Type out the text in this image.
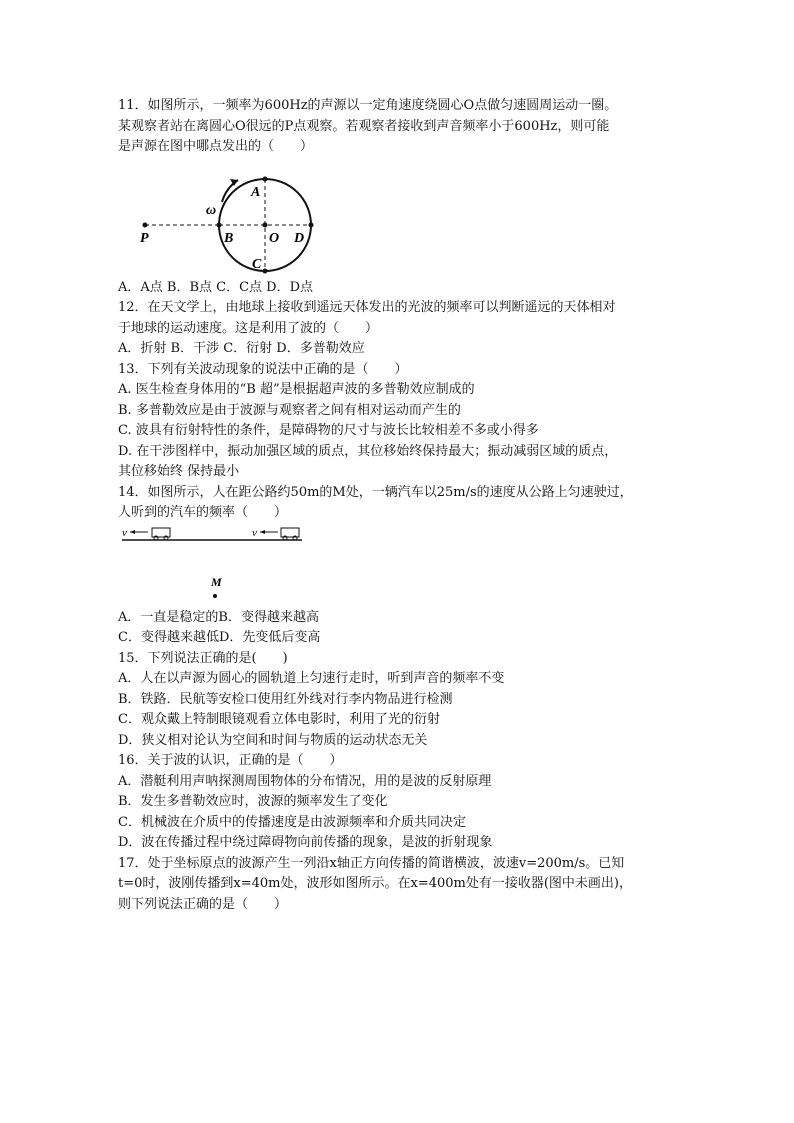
11．如图所示，一频率为600Hz的声源以一定角速度绕圆心O点做匀速圆周运动一圈。
某观察者站在离圆心O很远的P点观察。若观察者接收到声音频率小于600Hz，则可能
是声源在图中哪点发出的（　　）
P	B	O D
A
C
ω
A．A点 B．B点 C．C点 D．D点
12．在天文学上，由地球上接收到遥远天体发出的光波的频率可以判断遥远的天体相对
于地球的运动速度。这是利用了波的（　　）
A．折射 B．干涉 C．衍射 D．多普勒效应
13．下列有关波动现象的说法中正确的是（　　）
A. 医生检查身体用的“B 超”是根据超声波的多普勒效应制成的
B. 多普勒效应是由于波源与观察者之间有相对运动而产生的
C. 波具有衍射特性的条件，是障碍物的尺寸与波长比较相差不多或小得多
D. 在干涉图样中，振动加强区域的质点，其位移始终保持最大；振动减弱区域的质点，
其位移始终 保持最小
14．如图所示，人在距公路约50m的M处，一辆汽车以25m/s的速度从公路上匀速驶过，
人听到的汽车的频率（　　）
v	v
M
A．一直是稳定的B．变得越来越高
C．变得越来越低D．先变低后变高
15．下列说法正确的是(　　)
A．人在以声源为圆心的圆轨道上匀速行走时，听到声音的频率不变
B．铁路．民航等安检口使用红外线对行李内物品进行检测
C．观众戴上特制眼镜观看立体电影时，利用了光的衍射
D．狭义相对论认为空间和时间与物质的运动状态无关
16．关于波的认识，正确的是（　　）
A．潜艇利用声呐探测周围物体的分布情况，用的是波的反射原理
B．发生多普勒效应时，波源的频率发生了变化
C．机械波在介质中的传播速度是由波源频率和介质共同决定
D．波在传播过程中绕过障碍物向前传播的现象，是波的折射现象
17．处于坐标原点的波源产生一列沿x轴正方向传播的简谐横波，波速v=200m/s。已知
t=0时，波刚传播到x=40m处，波形如图所示。在x=400m处有一接收器(图中未画出)，
则下列说法正确的是（　　）
